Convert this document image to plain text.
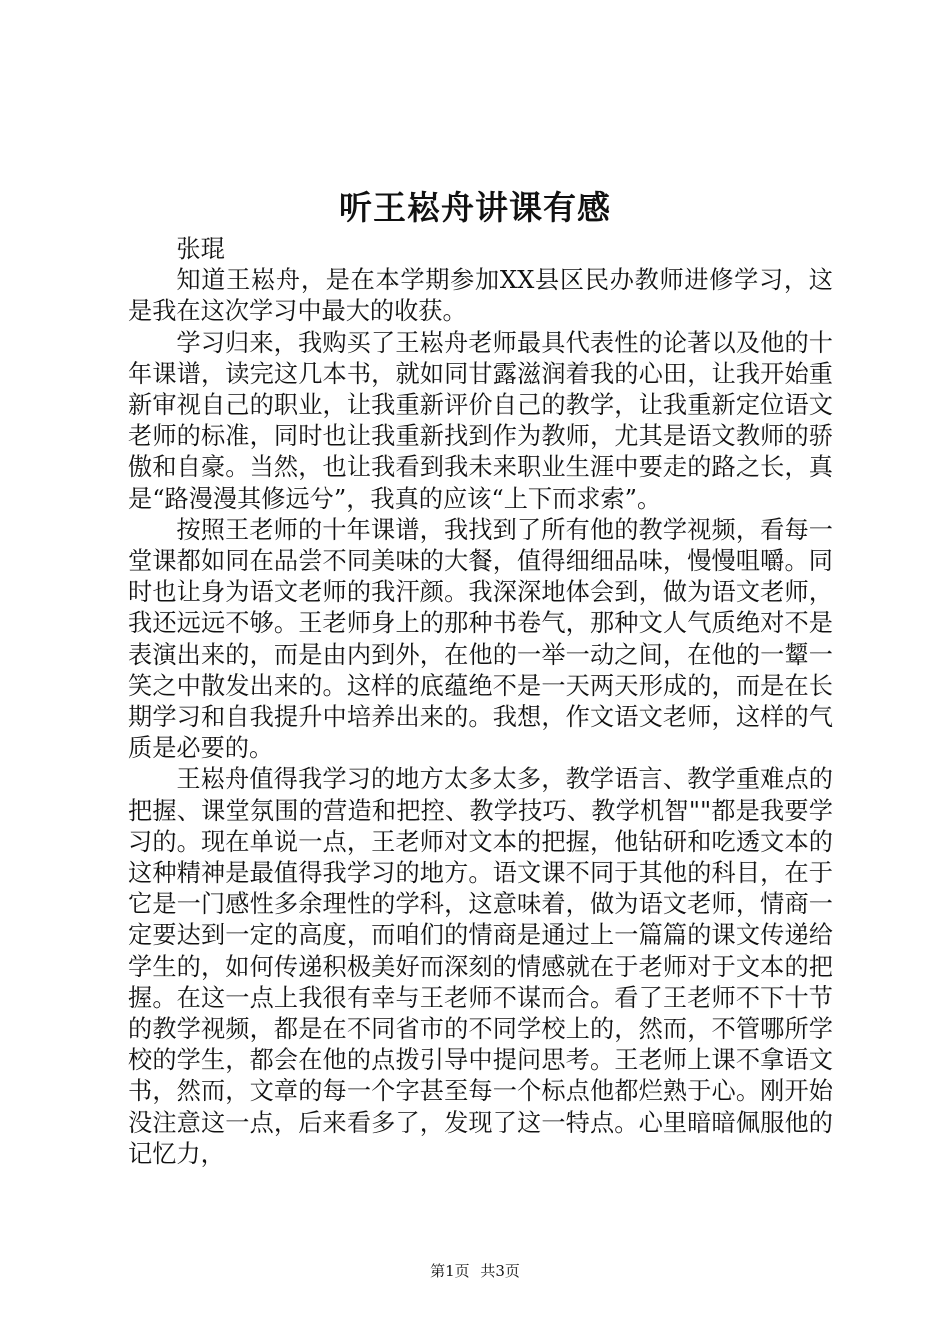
听王崧舟讲课有感

张琨

知道王崧舟，是在本学期参加XX县区民办教师进修学习，这是我在这次学习中最大的收获。

学习归来，我购买了王崧舟老师最具代表性的论著以及他的十年课谱，读完这几本书，就如同甘露滋润着我的心田，让我开始重新审视自己的职业，让我重新评价自己的教学，让我重新定位语文老师的标准，同时也让我重新找到作为教师，尤其是语文教师的骄傲和自豪。当然，也让我看到我未来职业生涯中要走的路之长，真是“路漫漫其修远兮”，我真的应该“上下而求索”。

按照王老师的十年课谱，我找到了所有他的教学视频，看每一堂课都如同在品尝不同美味的大餐，值得细细品味，慢慢咀嚼。同时也让身为语文老师的我汗颜。我深深地体会到，做为语文老师，我还远远不够。王老师身上的那种书卷气，那种文人气质绝对不是表演出来的，而是由内到外，在他的一举一动之间，在他的一颦一笑之中散发出来的。这样的底蕴绝不是一天两天形成的，而是在长期学习和自我提升中培养出来的。我想，作文语文老师，这样的气质是必要的。

王崧舟值得我学习的地方太多太多，教学语言、教学重难点的把握、课堂氛围的营造和把控、教学技巧、教学机智""都是我要学习的。现在单说一点，王老师对文本的把握，他钻研和吃透文本的这种精神是最值得我学习的地方。语文课不同于其他的科目，在于它是一门感性多余理性的学科，这意味着，做为语文老师，情商一定要达到一定的高度，而咱们的情商是通过上一篇篇的课文传递给学生的，如何传递积极美好而深刻的情感就在于老师对于文本的把握。在这一点上我很有幸与王老师不谋而合。看了王老师不下十节的教学视频，都是在不同省市的不同学校上的，然而，不管哪所学校的学生，都会在他的点拨引导中提问思考。王老师上课不拿语文书，然而，文章的每一个字甚至每一个标点他都烂熟于心。刚开始没注意这一点，后来看多了，发现了这一特点。心里暗暗佩服他的记忆力，

第1页 共3页
